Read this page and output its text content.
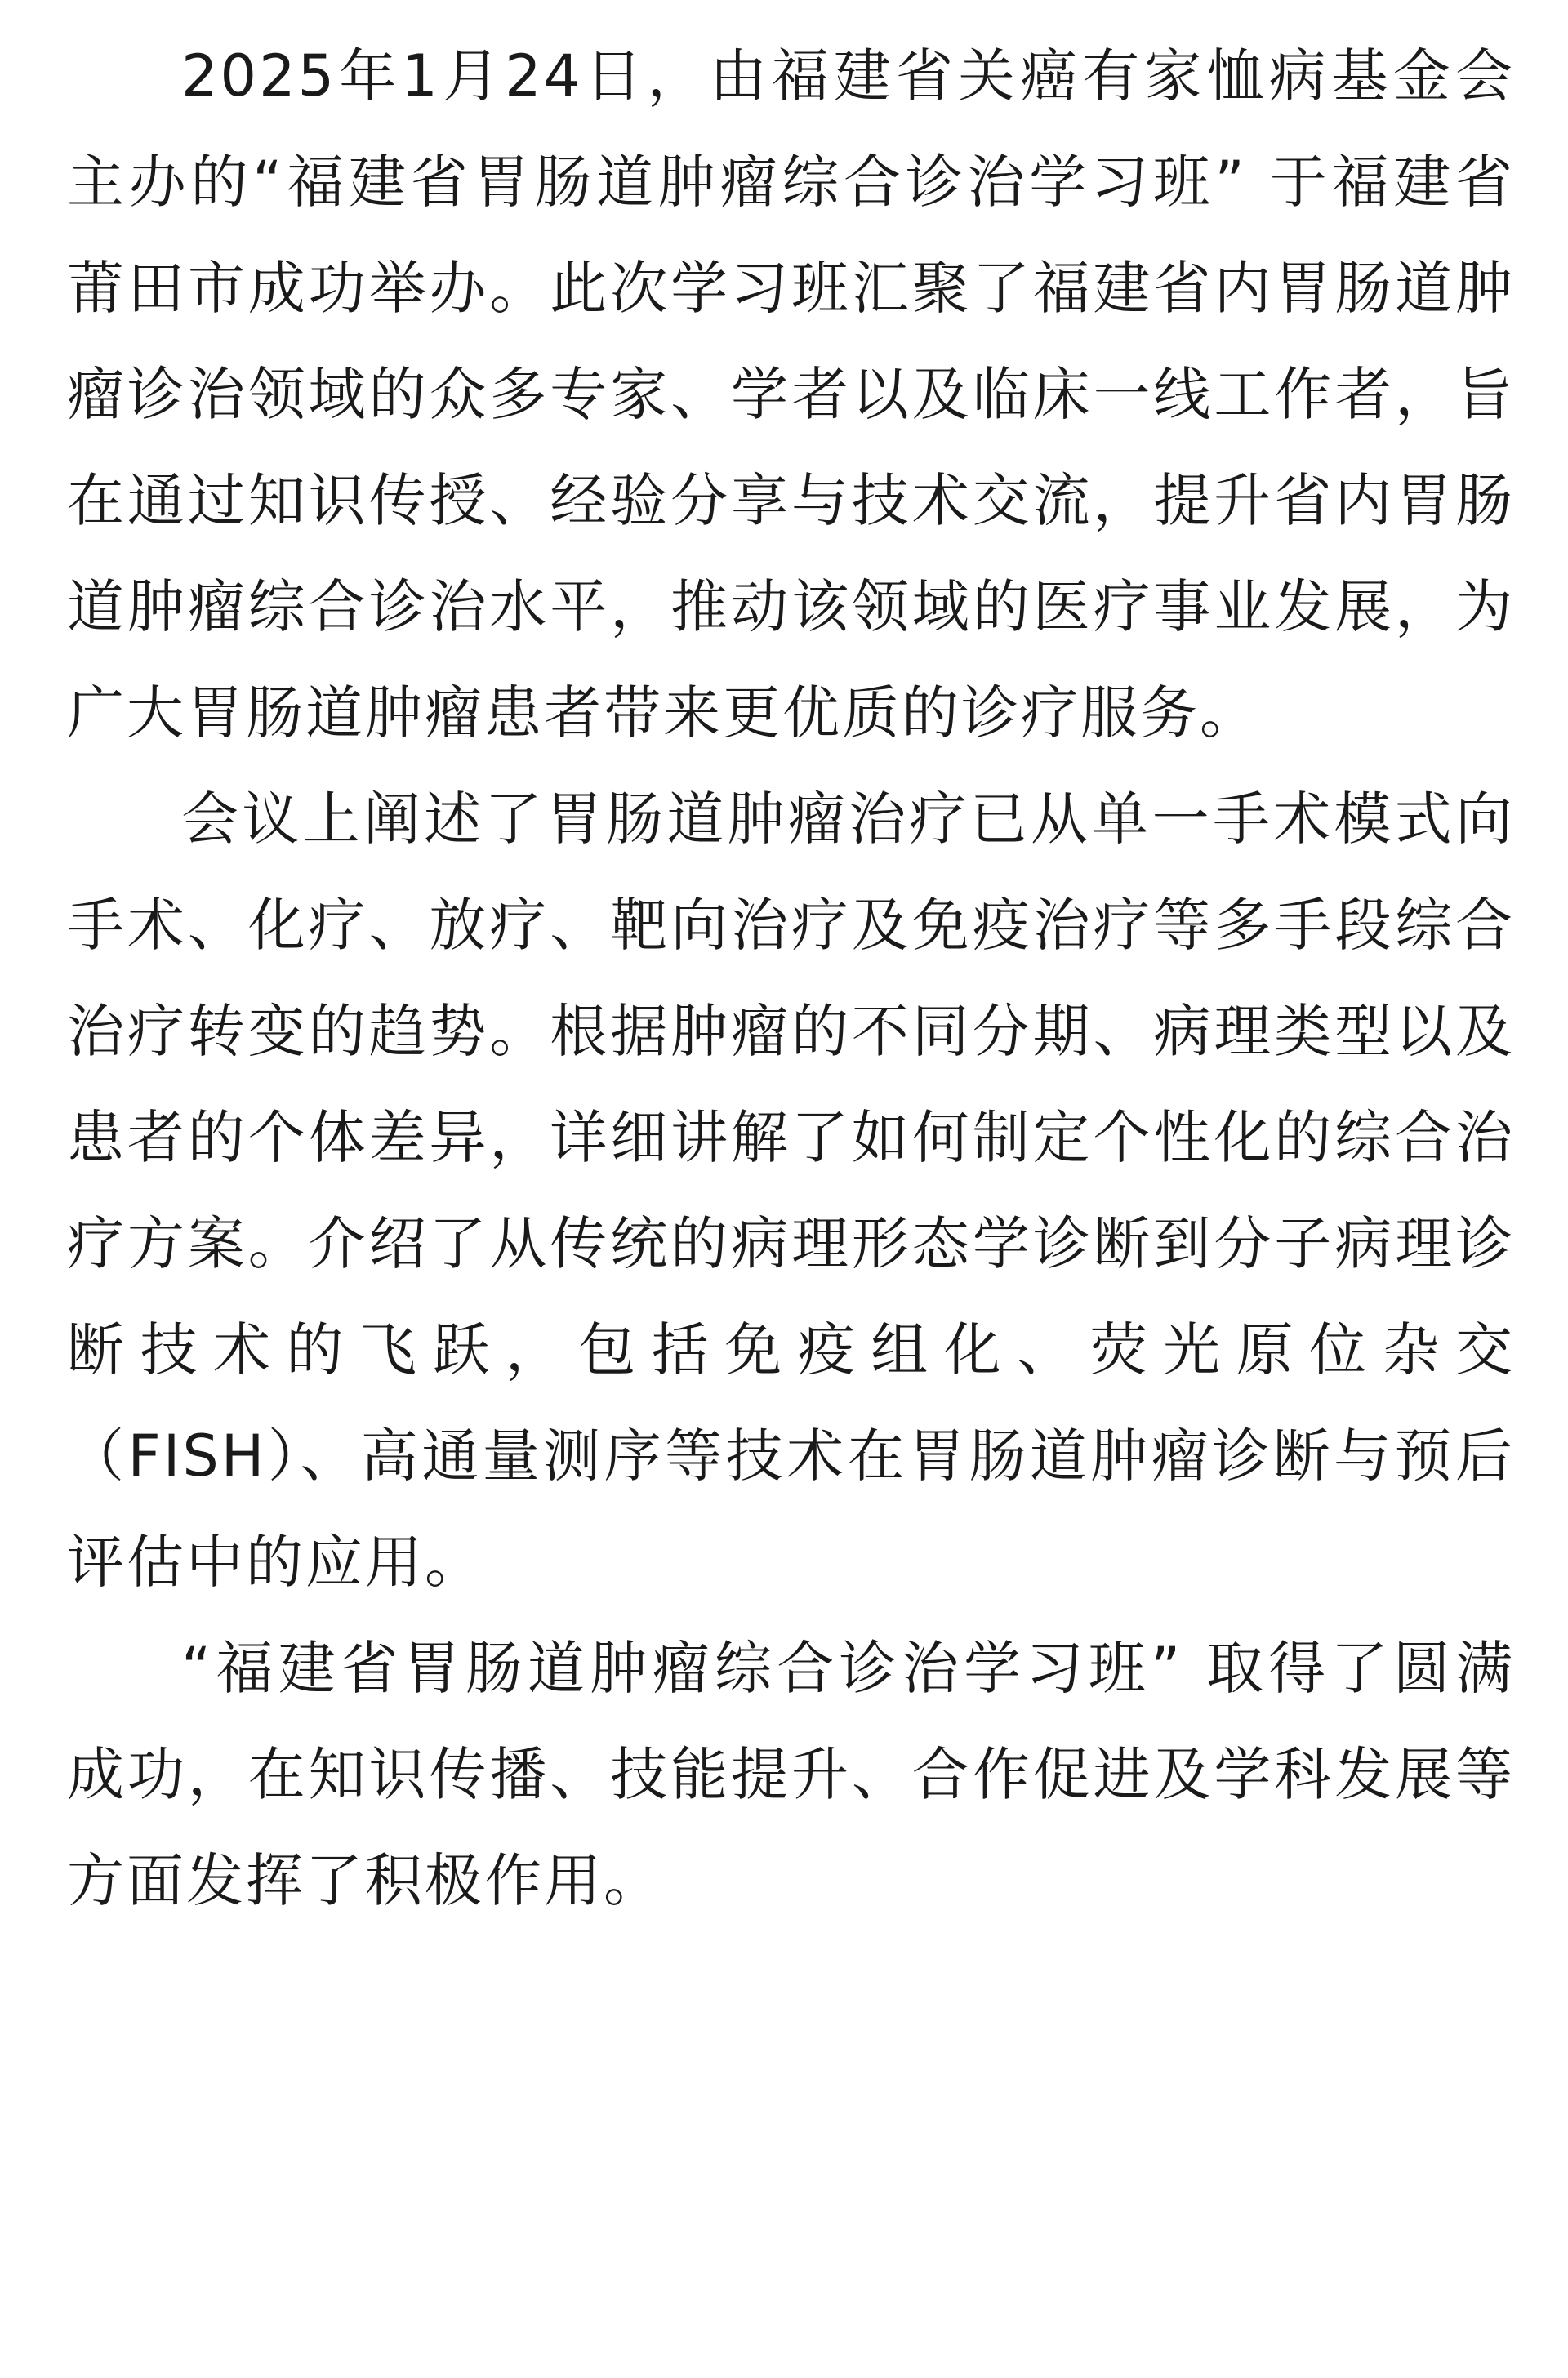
2025年1月24日，由福建省关癌有家恤病基金会主办的“福建省胃肠道肿瘤综合诊治学习班” 于福建省莆田市成功举办。此次学习班汇聚了福建省内胃肠道肿瘤诊治领域的众多专家、学者以及临床一线工作者，旨在通过知识传授、经验分享与技术交流，提升省内胃肠道肿瘤综合诊治水平，推动该领域的医疗事业发展，为广大胃肠道肿瘤患者带来更优质的诊疗服务。

会议上阐述了胃肠道肿瘤治疗已从单一手术模式向手术、化疗、放疗、靶向治疗及免疫治疗等多手段综合治疗转变的趋势。根据肿瘤的不同分期、病理类型以及患者的个体差异，详细讲解了如何制定个性化的综合治疗方案。介绍了从传统的病理形态学诊断到分子病理诊断技术的飞跃，包括免疫组化、荧光原位杂交（FISH）、高通量测序等技术在胃肠道肿瘤诊断与预后评估中的应用。

“福建省胃肠道肿瘤综合诊治学习班” 取得了圆满成功，在知识传播、技能提升、合作促进及学科发展等方面发挥了积极作用。
